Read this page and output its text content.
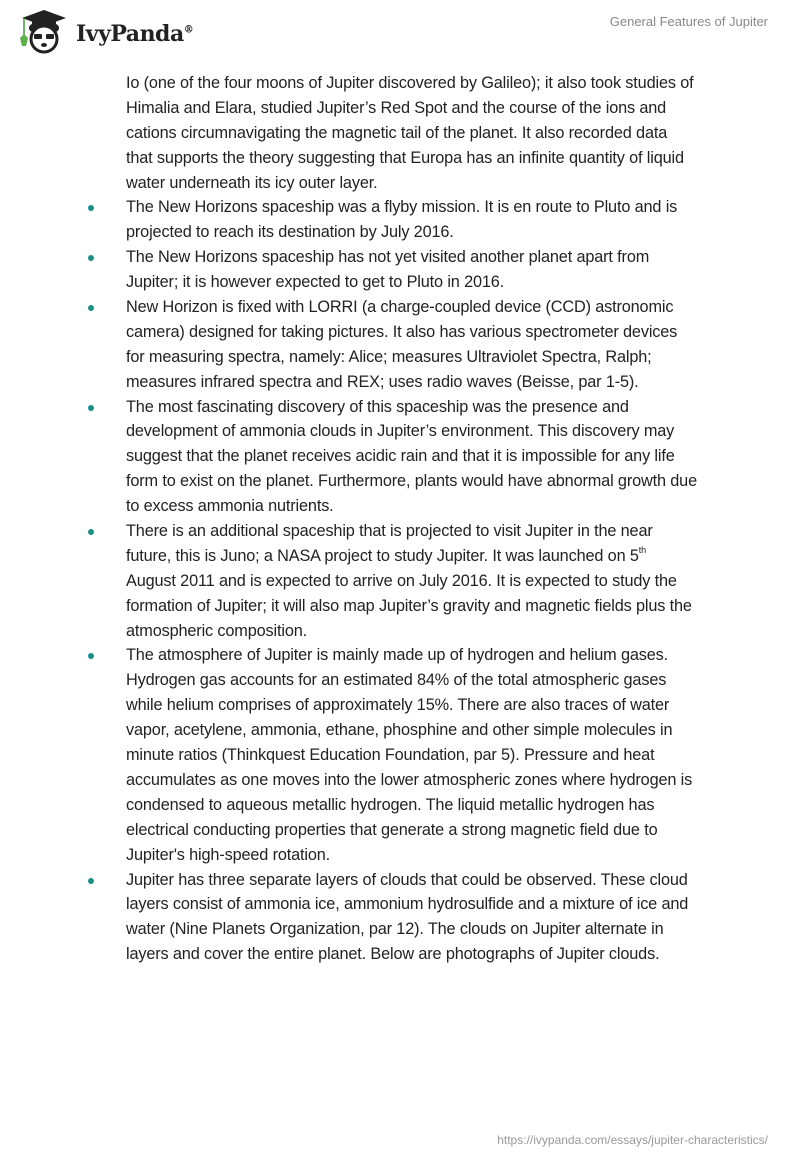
IvyPanda®
General Features of Jupiter
Io (one of the four moons of Jupiter discovered by Galileo); it also took studies of
Himalia and Elara, studied Jupiter’s Red Spot and the course of the ions and
cations circumnavigating the magnetic tail of the planet. It also recorded data
that supports the theory suggesting that Europa has an infinite quantity of liquid
water underneath its icy outer layer.
The New Horizons spaceship was a flyby mission. It is en route to Pluto and is
projected to reach its destination by July 2016.
The New Horizons spaceship has not yet visited another planet apart from
Jupiter; it is however expected to get to Pluto in 2016.
New Horizon is fixed with LORRI (a charge-coupled device (CCD) astronomic
camera) designed for taking pictures. It also has various spectrometer devices
for measuring spectra, namely: Alice; measures Ultraviolet Spectra, Ralph;
measures infrared spectra and REX; uses radio waves (Beisse, par 1-5).
The most fascinating discovery of this spaceship was the presence and
development of ammonia clouds in Jupiter’s environment. This discovery may
suggest that the planet receives acidic rain and that it is impossible for any life
form to exist on the planet. Furthermore, plants would have abnormal growth due
to excess ammonia nutrients.
There is an additional spaceship that is projected to visit Jupiter in the near
future, this is Juno; a NASA project to study Jupiter. It was launched on 5th
August 2011 and is expected to arrive on July 2016. It is expected to study the
formation of Jupiter; it will also map Jupiter’s gravity and magnetic fields plus the
atmospheric composition.
The atmosphere of Jupiter is mainly made up of hydrogen and helium gases.
Hydrogen gas accounts for an estimated 84% of the total atmospheric gases
while helium comprises of approximately 15%. There are also traces of water
vapor, acetylene, ammonia, ethane, phosphine and other simple molecules in
minute ratios (Thinkquest Education Foundation, par 5). Pressure and heat
accumulates as one moves into the lower atmospheric zones where hydrogen is
condensed to aqueous metallic hydrogen. The liquid metallic hydrogen has
electrical conducting properties that generate a strong magnetic field due to
Jupiter's high-speed rotation.
Jupiter has three separate layers of clouds that could be observed. These cloud
layers consist of ammonia ice, ammonium hydrosulfide and a mixture of ice and
water (Nine Planets Organization, par 12). The clouds on Jupiter alternate in
layers and cover the entire planet. Below are photographs of Jupiter clouds.
https://ivypanda.com/essays/jupiter-characteristics/
